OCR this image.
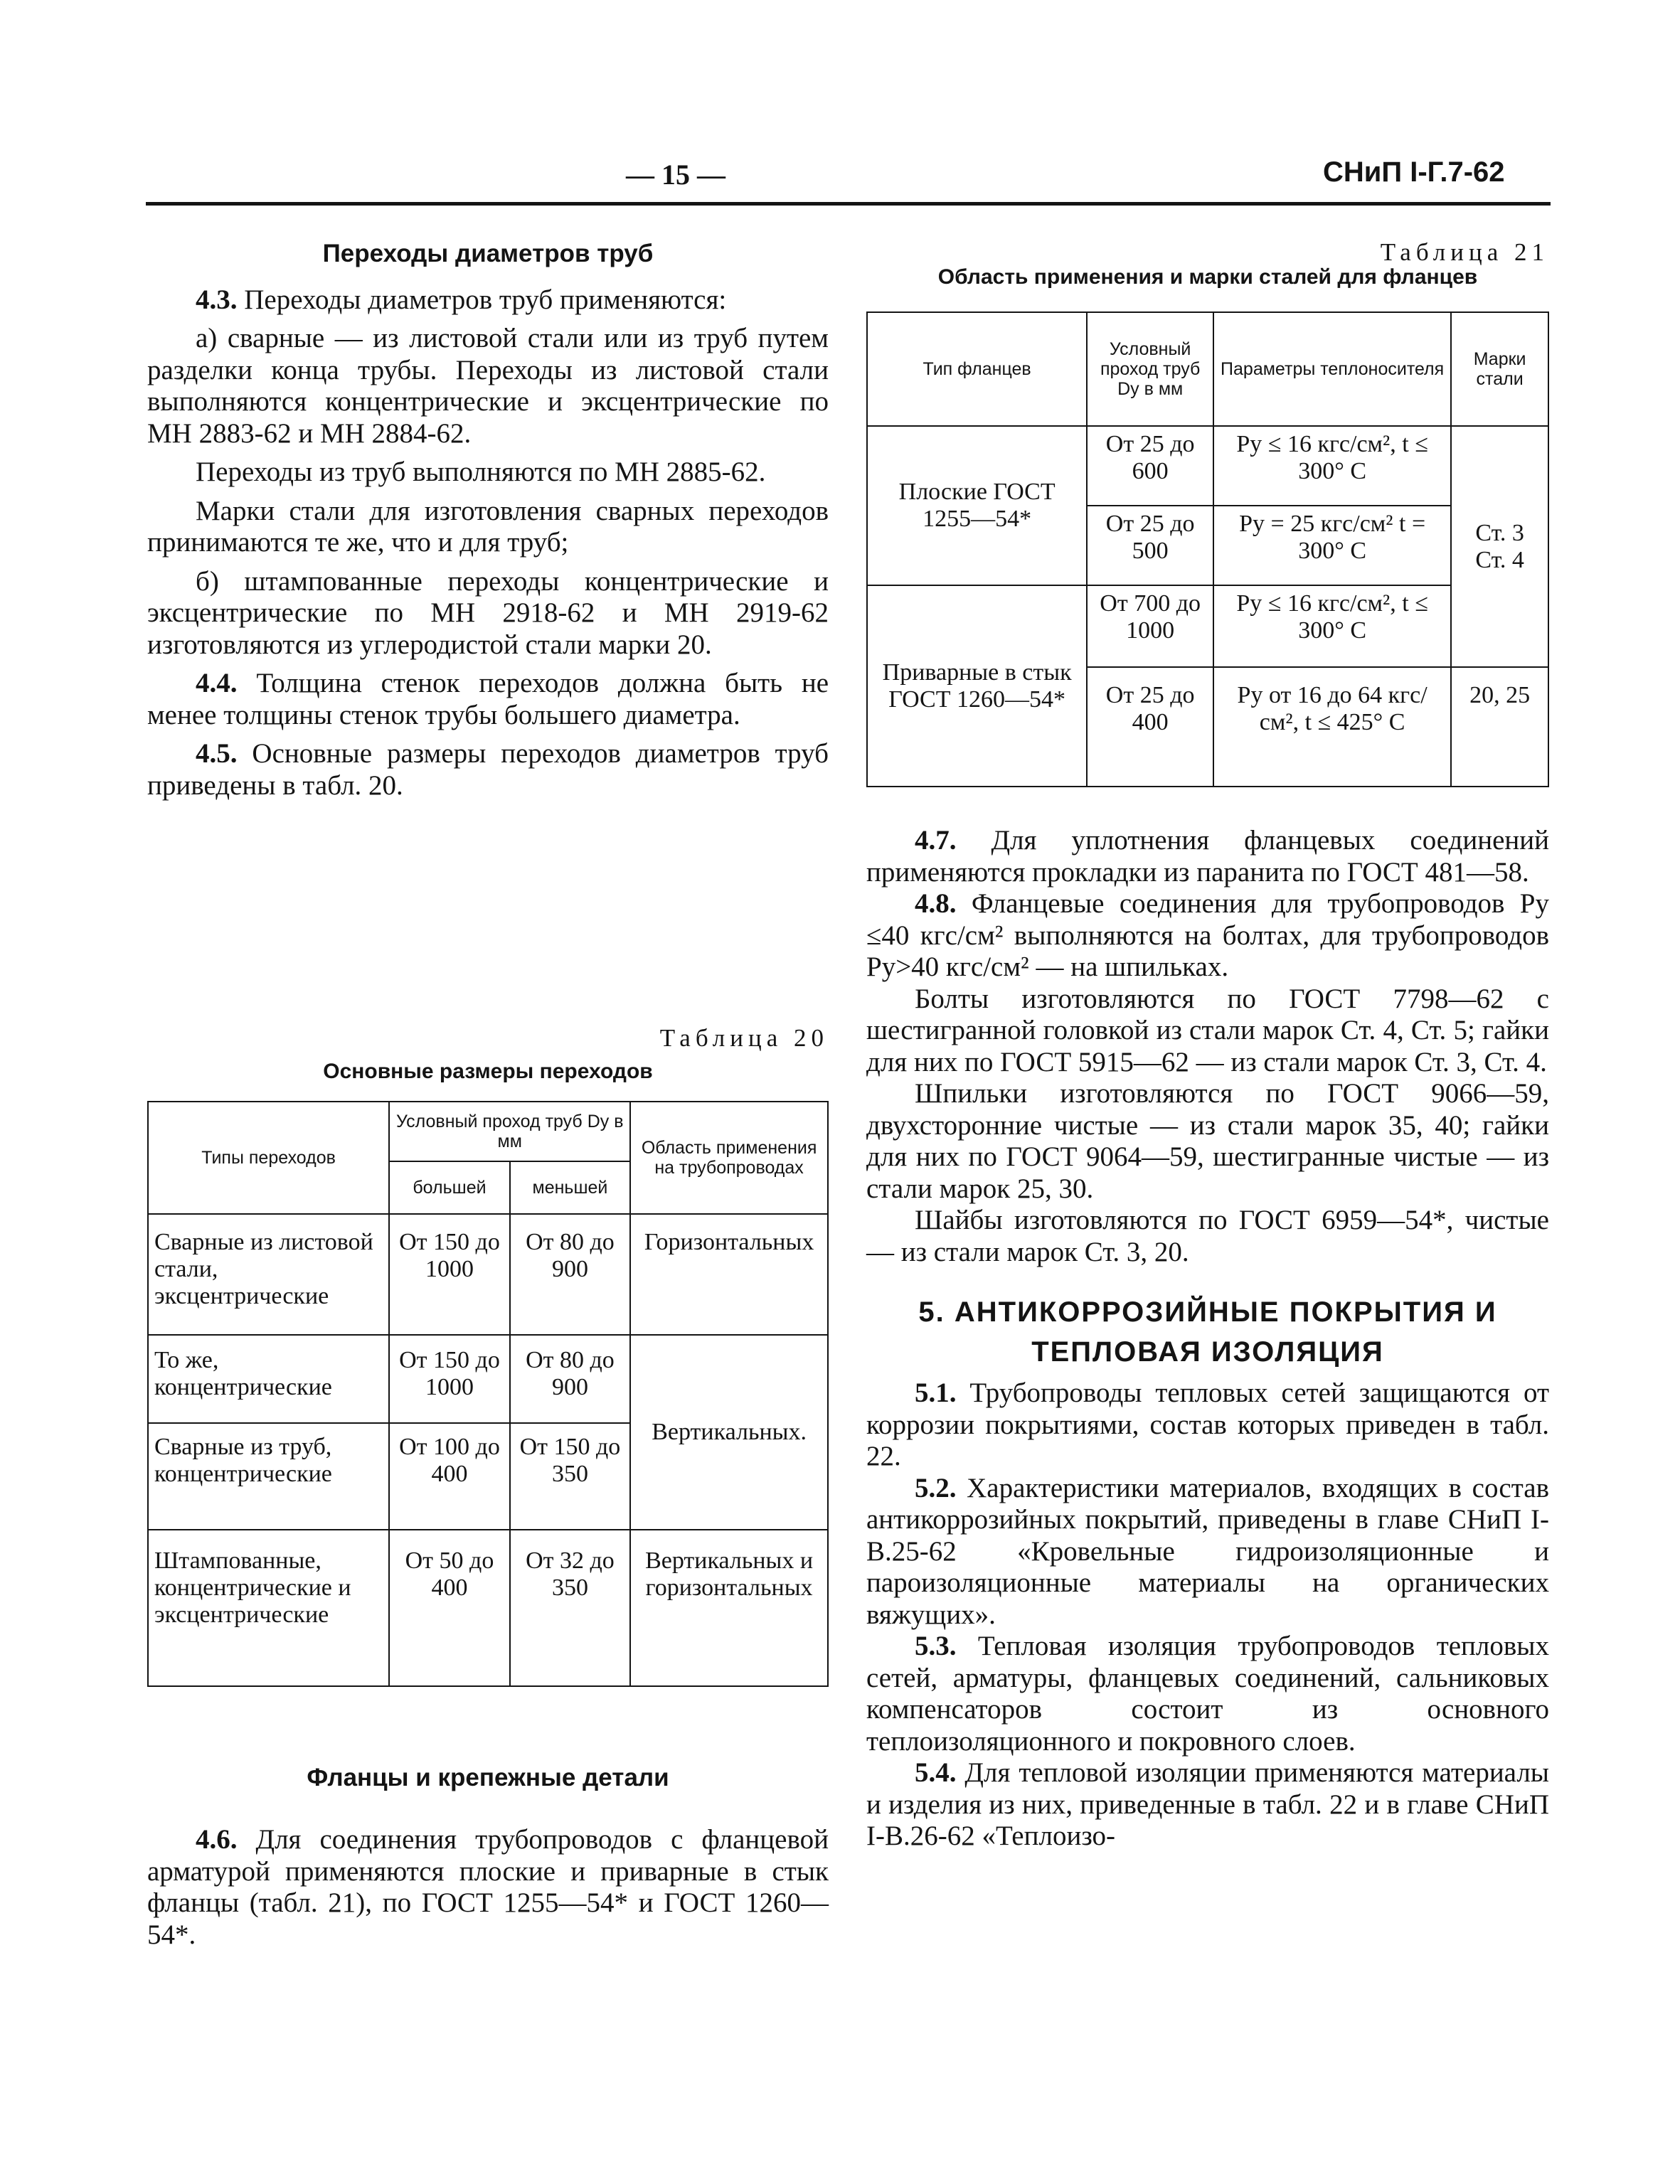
— 15 —	СНиП I-Г.7-62

Переходы диаметров труб

4.3. Переходы диаметров труб применяются:

а) сварные — из листовой стали или из труб путем разделки конца трубы. Переходы из листовой стали выполняются концентрические и эксцентрические по МН 2883-62 и МН 2884-62.

Переходы из труб выполняются по МН 2885-62.

Марки стали для изготовления сварных переходов принимаются те же, что и для труб;

б) штампованные переходы концентрические и эксцентрические по МН 2918-62 и МН 2919-62 изготовляются из углеродистой стали марки 20.

4.4. Толщина стенок переходов должна быть не менее толщины стенок трубы большего диаметра.

4.5. Основные размеры переходов диаметров труб приведены в табл. 20.

Таблица 20
Основные размеры переходов
Типы переходов	Условный проход труб Dу в мм		Область применения на трубопроводах
	большей	меньшей	
Сварные из листовой стали, эксцентрические	От 150 до 1000	От 80 до 900	Горизонтальных
То же, концентрические	От 150 до 1000	От 80 до 900	Вертикальных.
Сварные из труб, концентрические	От 100 до 400	От 150 до 350	
Штампованные, концентрические и эксцентрические	От 50 до 400	От 32 до 350	Вертикальных и горизонтальных
Фланцы и крепежные детали

4.6. Для соединения трубопроводов с фланцевой арматурой применяются плоские и приварные в стык фланцы (табл. 21), по ГОСТ 1255—54* и ГОСТ 1260—54*.

Таблица 21
Область применения и марки сталей для фланцев
Тип фланцев	Условный проход труб Dу в мм	Параметры теплоносителя	Марки стали
Плоские ГОСТ 1255—54*	От 25 до 600	Pу ≤ 16 кгс/см², t ≤ 300° С	Ст. 3 Ст. 4
	От 25 до 500	Pу = 25 кгс/см² t = 300° С	
Приварные в стык ГОСТ 1260—54*	От 700 до 1000	Pу ≤ 16 кгс/см², t ≤ 300° С	
	От 25 до 400	Pу от 16 до 64 кгс/см², t ≤ 425° С	20, 25

4.7. Для уплотнения фланцевых соединений применяются прокладки из паранита по ГОСТ 481—58.

4.8. Фланцевые соединения для трубопроводов Pу ≤40 кгс/см² выполняются на болтах, для трубопроводов Pу>40 кгс/см² — на шпильках.

Болты изготовляются по ГОСТ 7798—62 с шестигранной головкой из стали марок Ст. 4, Ст. 5; гайки для них по ГОСТ 5915—62 — из стали марок Ст. 3, Ст. 4.

Шпильки изготовляются по ГОСТ 9066—59, двухсторонние чистые — из стали марок 35, 40; гайки для них по ГОСТ 9064—59, шестигранные чистые — из стали марок 25, 30.

Шайбы изготовляются по ГОСТ 6959—54*, чистые — из стали марок Ст. 3, 20.

5. АНТИКОРРОЗИЙНЫЕ ПОКРЫТИЯ И ТЕПЛОВАЯ ИЗОЛЯЦИЯ

5.1. Трубопроводы тепловых сетей защищаются от коррозии покрытиями, состав которых приведен в табл. 22.

5.2. Характеристики материалов, входящих в состав антикоррозийных покрытий, приведены в главе СНиП I-В.25-62 «Кровельные гидроизоляционные и пароизоляционные материалы на органических вяжущих».

5.3. Тепловая изоляция трубопроводов тепловых сетей, арматуры, фланцевых соединений, сальниковых компенсаторов состоит из основного теплоизоляционного и покровного слоев.

5.4. Для тепловой изоляции применяются материалы и изделия из них, приведенные в табл. 22 и в главе СНиП I-В.26-62 «Теплоизо-
